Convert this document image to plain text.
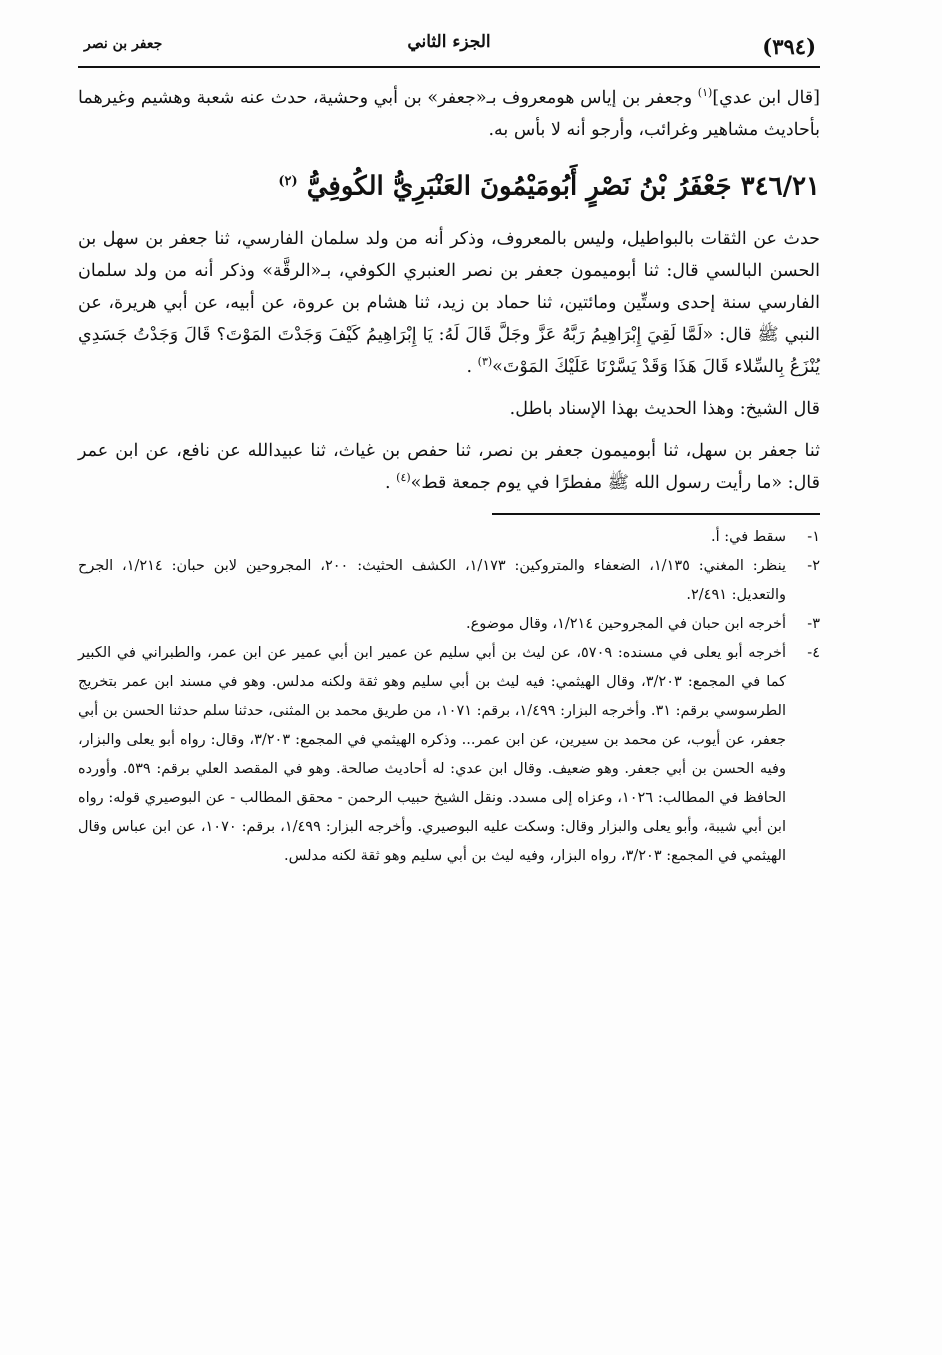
(٣٩٤)
الجزء الثاني
جعفر بن نصر

[قال ابن عدي]$^{(١)}$ وجعفر بن إياس هومعروف بـ«جعفر» بن أبي وحشية، حدث عنه شعبة وهشيم وغيرهما بأحاديث مشاهير وغرائب، وأرجو أنه لا بأس به.

٣٤٦/٢١ جَعْفَرُ بْنُ نَصْرٍ أَبُومَيْمُونَ العَنْبَرِيُّ الكُوفِيُّ $^{(٢)}$

حدث عن الثقات بالبواطيل، وليس بالمعروف، وذكر أنه من ولد سلمان الفارسي، ثنا جعفر بن سهل بن الحسن البالسي قال: ثنا أبوميمون جعفر بن نصر العنبري الكوفي، بـ«الرقَّة» وذكر أنه من ولد سلمان الفارسي سنة إحدى وستِّين ومائتين، ثنا حماد بن زيد، ثنا هشام بن عروة، عن أبيه، عن أبي هريرة، عن النبي ﷺ قال: «لَمَّا لَقِيَ إِبْرَاهِيمُ رَبَّهُ عَزَّ وجَلَّ قَالَ لَهُ: يَا إِبْرَاهِيمُ كَيْفَ وَجَدْتَ المَوْتَ؟ قَالَ وَجَدْتُ جَسَدِي يُنْزَعُ بِالسِّلاء قَالَ هَذَا وَقَدْ يَسَّرْنَا عَلَيْكَ المَوْتَ»$^{(٣)}$ .

قال الشيخ: وهذا الحديث بهذا الإسناد باطل.

ثنا جعفر بن سهل، ثنا أبوميمون جعفر بن نصر، ثنا حفص بن غياث، ثنا عبيدالله عن نافع، عن ابن عمر قال: «ما رأيت رسول الله ﷺ مفطرًا في يوم جمعة قط»$^{(٤)}$ .

١-
سقط في: أ.
٢-
ينظر: المغني: ١/١٣٥، الضعفاء والمتروكين: ١/١٧٣، الكشف الحثيث: ٢٠٠، المجروحين لابن حبان: ١/٢١٤، الجرح والتعديل: ٢/٤٩١.
٣-
أخرجه ابن حبان في المجروحين ١/٢١٤، وقال موضوع.
٤-
أخرجه أبو يعلى في مسنده: ٥٧٠٩، عن ليث بن أبي سليم عن عمير ابن أبي عمير عن ابن عمر، والطبراني في الكبير كما في المجمع: ٣/٢٠٣، وقال الهيثمي: فيه ليث بن أبي سليم وهو ثقة ولكنه مدلس. وهو في مسند ابن عمر بتخريج الطرسوسي برقم: ٣١. وأخرجه البزار: ١/٤٩٩، برقم: ١٠٧١، من طريق محمد بن المثنى، حدثنا سلم حدثنا الحسن بن أبي جعفر، عن أيوب، عن محمد بن سيرين، عن ابن عمر... وذكره الهيثمي في المجمع: ٣/٢٠٣، وقال: رواه أبو يعلى والبزار، وفيه الحسن بن أبي جعفر. وهو ضعيف. وقال ابن عدي: له أحاديث صالحة. وهو في المقصد العلي برقم: ٥٣٩. وأورده الحافظ في المطالب: ١٠٢٦، وعزاه إلى مسدد. ونقل الشيخ حبيب الرحمن - محقق المطالب - عن البوصيري قوله: رواه ابن أبي شيبة، وأبو يعلى والبزار وقال: وسكت عليه البوصيري. وأخرجه البزار: ١/٤٩٩، برقم: ١٠٧٠، عن ابن عباس وقال الهيثمي في المجمع: ٣/٢٠٣، رواه البزار، وفيه ليث بن أبي سليم وهو ثقة لكنه مدلس.
